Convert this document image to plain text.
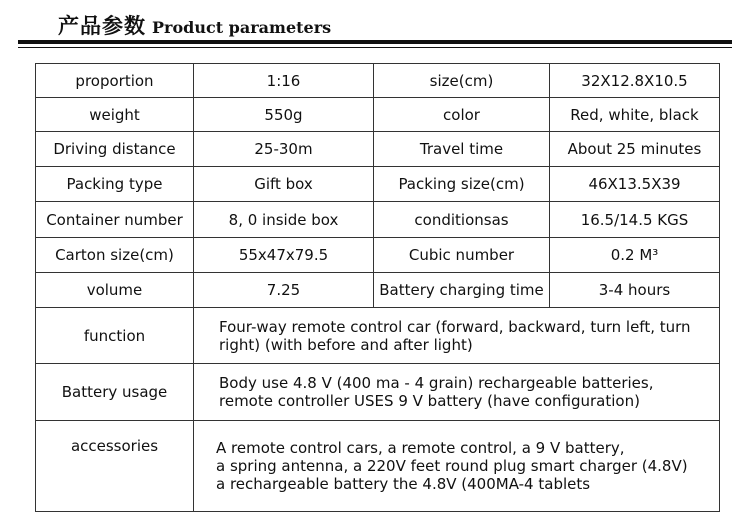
产品参数 Product parameters
proportion	1:16	size(cm)	32X12.8X10.5
weight	550g	color	Red, white, black
Driving distance	25-30m	Travel time	About 25 minutes
Packing type	Gift box	Packing size(cm)	46X13.5X39
Container number	8, 0 inside box	conditionsas	16.5/14.5 KGS
Carton size(cm)	55x47x79.5	Cubic number	0.2 M³
volume	7.25	Battery charging time	3-4 hours
function	Four-way remote control car (forward, backward, turn left, turn
right) (with before and after light)		

Battery usage	Body use 4.8 V (400 ma - 4 grain) rechargeable batteries,
remote controller USES 9 V battery (have configuration)		

accessories	A remote control cars, a remote control, a 9 V battery,
a spring antenna, a 220V feet round plug smart charger (4.8V)
a rechargeable battery the 4.8V (400MA-4 tablets		
